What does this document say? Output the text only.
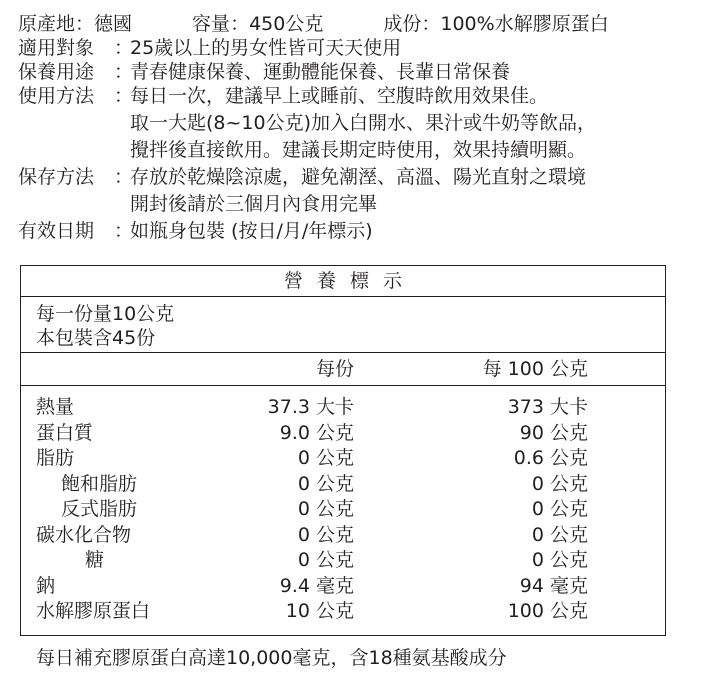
原產地：德國	容量：450公克	成份：100%水解膠原蛋白
適用對象	：
25歲以上的男女性皆可天天使用
保養用途	：
青春健康保養、運動體能保養、長輩日常保養
使用方法	：
每日一次，建議早上或睡前、空腹時飲用效果佳。
取一大匙(8~10公克)加入白開水、果汁或牛奶等飲品，
攪拌後直接飲用。建議長期定時使用，效果持續明顯。
保存方法	：
存放於乾燥陰涼處，避免潮溼、高溫、陽光直射之環境
開封後請於三個月內食用完畢
有效日期	：
如瓶身包裝 (按日/月/年標示)
營養標示
每一份量10公克
本包裝含45份
每份	每 100 公克
熱量	37.3 大卡	373 大卡
蛋白質	9.0 公克	90 公克
脂肪	0 公克	0.6 公克
飽和脂肪	0 公克	0 公克
反式脂肪	0 公克	0 公克
碳水化合物	0 公克	0 公克
糖	0 公克	0 公克
鈉	9.4 毫克	94 毫克
水解膠原蛋白	10 公克	100 公克
每日補充膠原蛋白高達10,000毫克，含18種氨基酸成分
